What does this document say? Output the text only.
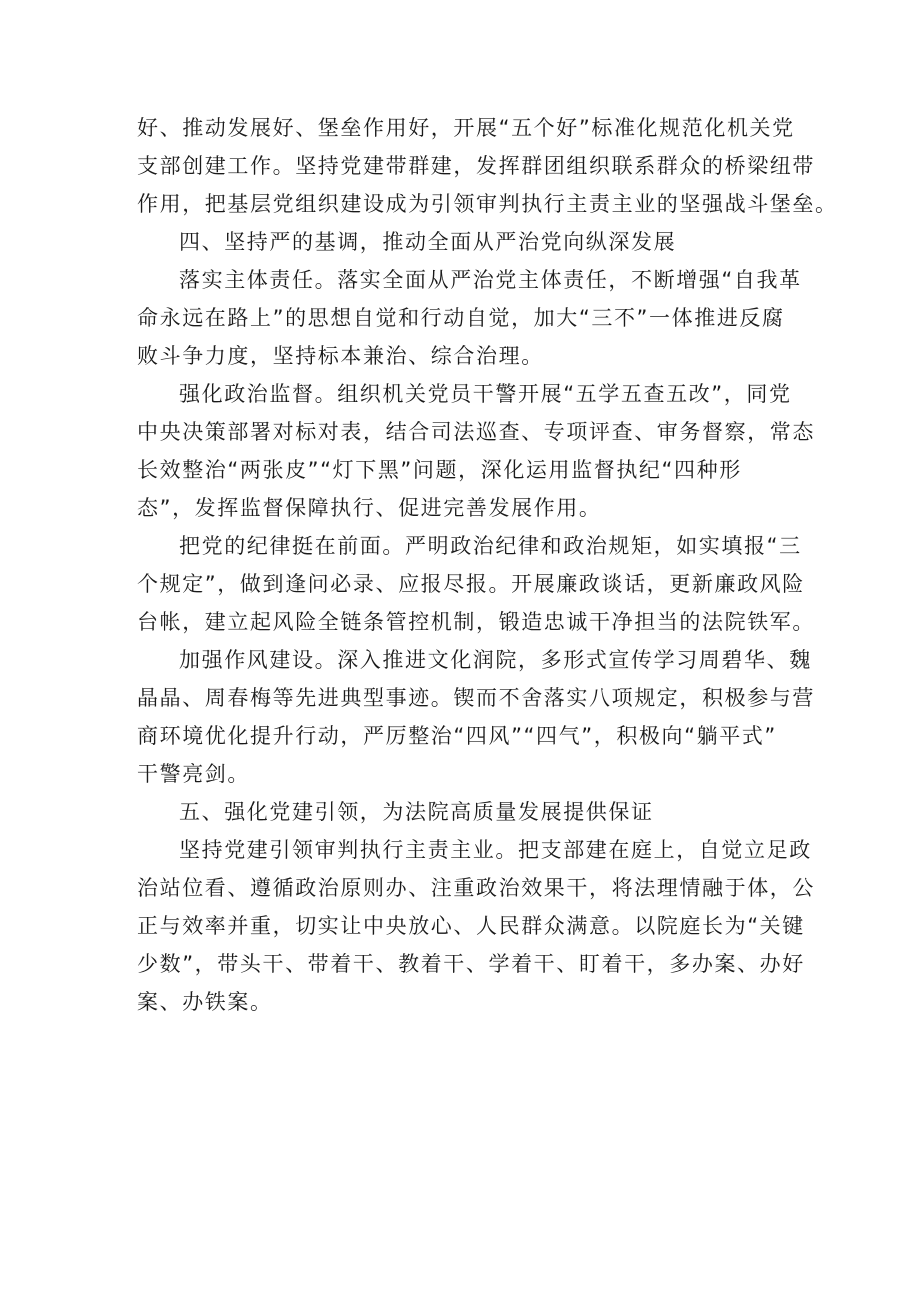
好、推动发展好、堡垒作用好，开展“五个好”标准化规范化机关党
支部创建工作。坚持党建带群建，发挥群团组织联系群众的桥梁纽带
作用，把基层党组织建设成为引领审判执行主责主业的坚强战斗堡垒。
四、坚持严的基调，推动全面从严治党向纵深发展
落实主体责任。落实全面从严治党主体责任，不断增强“自我革
命永远在路上”的思想自觉和行动自觉，加大“三不”一体推进反腐
败斗争力度，坚持标本兼治、综合治理。
强化政治监督。组织机关党员干警开展“五学五查五改”，同党
中央决策部署对标对表，结合司法巡查、专项评查、审务督察，常态
长效整治“两张皮”“灯下黑”问题，深化运用监督执纪“四种形
态”，发挥监督保障执行、促进完善发展作用。
把党的纪律挺在前面。严明政治纪律和政治规矩，如实填报“三
个规定”，做到逢问必录、应报尽报。开展廉政谈话，更新廉政风险
台帐，建立起风险全链条管控机制，锻造忠诚干净担当的法院铁军。
加强作风建设。深入推进文化润院，多形式宣传学习周碧华、魏
晶晶、周春梅等先进典型事迹。锲而不舍落实八项规定，积极参与营
商环境优化提升行动，严厉整治“四风”“四气”，积极向“躺平式”
干警亮剑。
五、强化党建引领，为法院高质量发展提供保证
坚持党建引领审判执行主责主业。把支部建在庭上，自觉立足政
治站位看、遵循政治原则办、注重政治效果干，将法理情融于体，公
正与效率并重，切实让中央放心、人民群众满意。以院庭长为“关键
少数”，带头干、带着干、教着干、学着干、盯着干，多办案、办好
案、办铁案。
